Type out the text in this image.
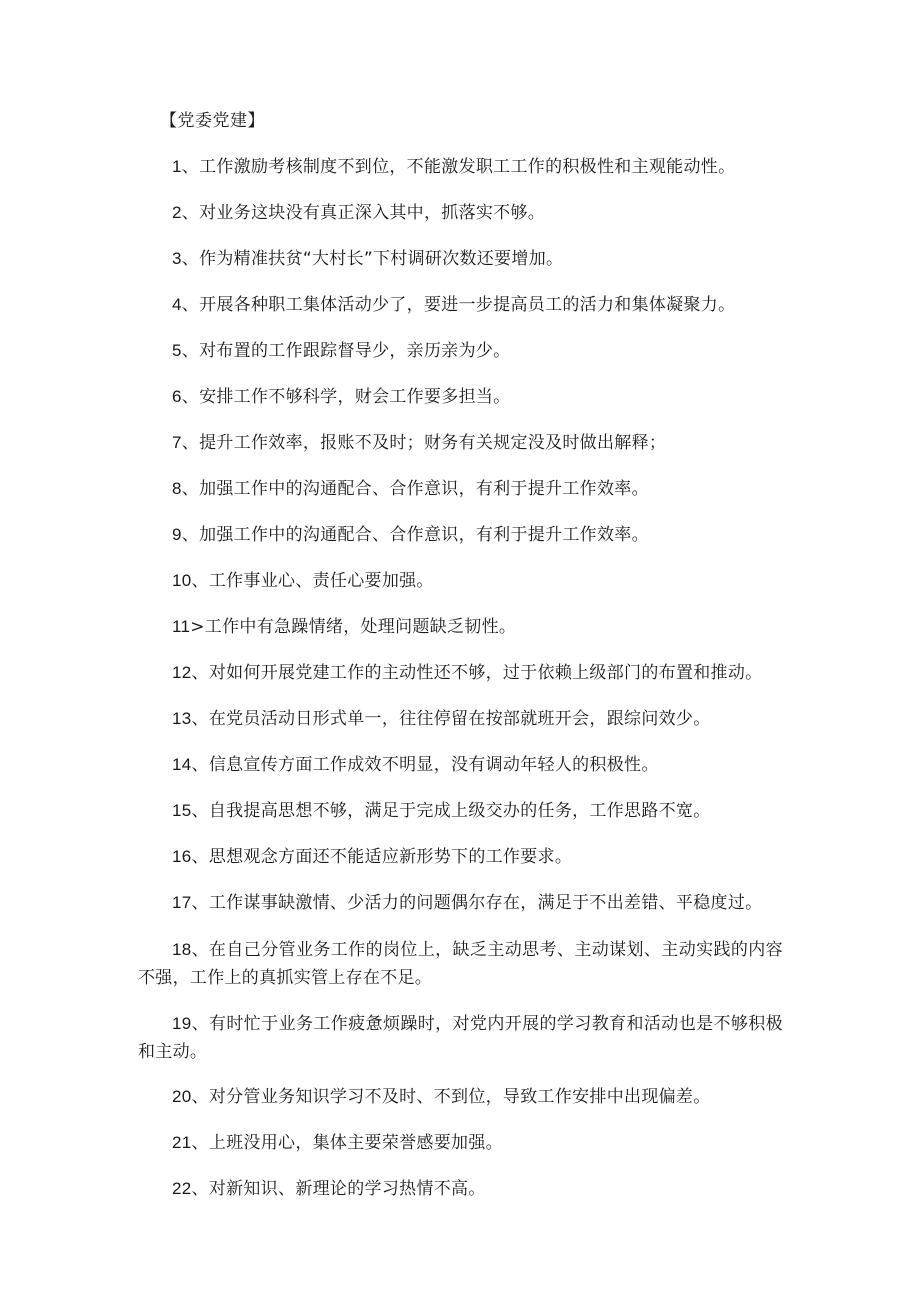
【党委党建】

1、工作激励考核制度不到位，不能激发职工工作的积极性和主观能动性。

2、对业务这块没有真正深入其中，抓落实不够。

3、作为精准扶贫“大村长”下村调研次数还要增加。

4、开展各种职工集体活动少了，要进一步提高员工的活力和集体凝聚力。

5、对布置的工作跟踪督导少，亲历亲为少。

6、安排工作不够科学，财会工作要多担当。

7、提升工作效率，报账不及时；财务有关规定没及时做出解释；

8、加强工作中的沟通配合、合作意识，有利于提升工作效率。

9、加强工作中的沟通配合、合作意识，有利于提升工作效率。

10、工作事业心、责任心要加强。

11>工作中有急躁情绪，处理问题缺乏韧性。

12、对如何开展党建工作的主动性还不够，过于依赖上级部门的布置和推动。

13、在党员活动日形式单一，往往停留在按部就班开会，跟综问效少。

14、信息宣传方面工作成效不明显，没有调动年轻人的积极性。

15、自我提高思想不够，满足于完成上级交办的任务，工作思路不宽。

16、思想观念方面还不能适应新形势下的工作要求。

17、工作谋事缺激情、少活力的问题偶尔存在，满足于不出差错、平稳度过。

18、在自己分管业务工作的岗位上，缺乏主动思考、主动谋划、主动实践的内容不强，工作上的真抓实管上存在不足。

19、有时忙于业务工作疲惫烦躁时，对党内开展的学习教育和活动也是不够积极和主动。

20、对分管业务知识学习不及时、不到位，导致工作安排中出现偏差。

21、上班没用心，集体主要荣誉感要加强。

22、对新知识、新理论的学习热情不高。
